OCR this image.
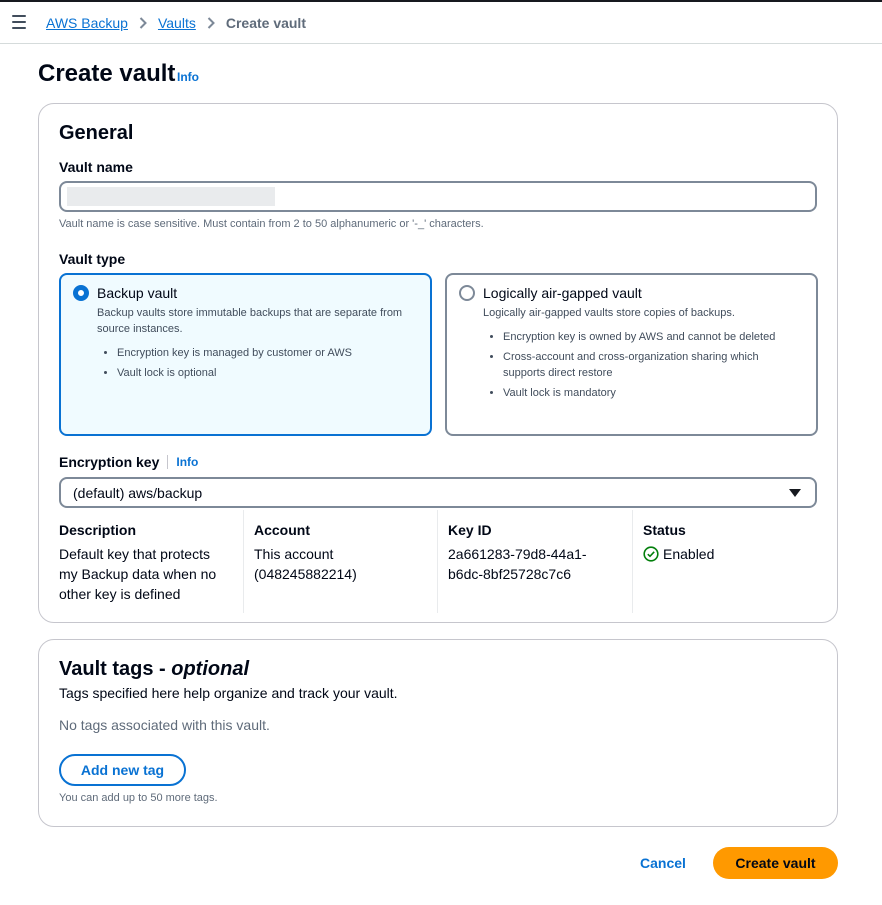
AWS Backup Vaults Create vault
Create vault Info
General
Vault name
Vault name is case sensitive. Must contain from 2 to 50 alphanumeric or '-_' characters.
Vault type
Backup vault
Backup vaults store immutable backups that are separate from source instances.
• Encryption key is managed by customer or AWS
• Vault lock is optional
Logically air-gapped vault
Logically air-gapped vaults store copies of backups.
• Encryption key is owned by AWS and cannot be deleted
• Cross-account and cross-organization sharing which supports direct restore
• Vault lock is mandatory
Encryption key Info
(default) aws/backup
Description
Default key that protects my Backup data when no other key is defined
Account
This account (048245882214)
Key ID
2a661283-79d8-44a1-b6dc-8bf25728c7c6
Status
Enabled
Vault tags - optional
Tags specified here help organize and track your vault.
No tags associated with this vault.
Add new tag
You can add up to 50 more tags.
Cancel	Create vault
